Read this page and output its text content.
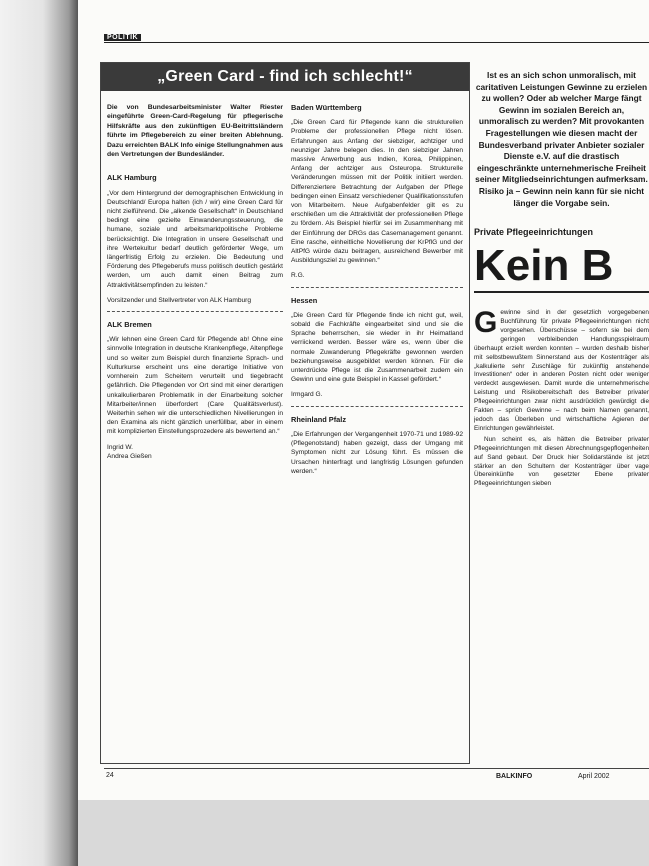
POLITIK
„Green Card - find ich schlecht!“

Die von Bundesarbeitsminister Walter Riester eingeführte Green-Card-Regelung für pflegerische Hilfskräfte aus den zukünftigen EU-Beitrittsländern führte im Pflegebereich zu einer breiten Ablehnung. Dazu erreichten BALK Info einige Stellungnahmen aus den Vertretungen der Bundesländer.

ALK Hamburg

„Vor dem Hintergrund der demographischen Entwicklung in Deutschland/ Europa halten (ich / wir) eine Green Card für nicht zielführend. Die „alkende Gesellschaft“ in Deutschland bedingt eine gezielte Einwanderungssteuerung, die humane, soziale und arbeitsmarktpolitische Probleme berücksichtigt. Die Integration in unsere Gesellschaft und ihre Wertekultur bedarf deutlich geförderter Wege, um längerfristig Erfolg zu erzielen. Die Bedeutung und Förderung des Pflegeberufs muss politisch deutlich gestärkt werden, um auch damit einen Beitrag zum Attraktivitätsempfinden zu leisten.“

Vorsitzender und Stellvertreter von ALK Hamburg

ALK Bremen

„Wir lehnen eine Green Card für Pflegende ab! Ohne eine sinnvolle Integration in deutsche Krankenpflege, Altenpflege und so weiter zum Beispiel durch finanzierte Sprach- und Kulturkurse erscheint uns eine derartige Initiative von vornherein zum Scheitern verurteilt und tiegebracht gefährlich. Die Pflegenden vor Ort sind mit einer derartigen unkalkulierbaren Problematik in der Einarbeitung solcher Mitarbeiter/innen überfordert (Care Qualitätsverlust). Weiterhin sehen wir die unterschiedlichen Nivellierungen in den Examina als nicht gänzlich unerfüllbar, aber in einem mit komplizierten Einstellungsprozedere als bewertend an.“

Ingrid W.

Andrea Gießen

Baden Württemberg

„Die Green Card für Pflegende kann die strukturellen Probleme der professionellen Pflege nicht lösen. Erfahrungen aus Anfang der siebziger, achtziger und neunziger Jahre belegen dies. In den siebziger Jahren massive Anwerbung aus Indien, Korea, Philippinen, Anfang der achtziger aus Osteuropa. Strukturelle Veränderungen müssen mit der Politik initiiert werden. Differenziertere Betrachtung der Aufgaben der Pflege bedingen einen Einsatz verschiedener Qualifikationsstufen von Mitarbeitern. Neue Aufgabenfelder gilt es zu erschließen um die Attraktivität der professionellen Pflege zu fördern. Als Beispiel hierfür sei im Zusammenhang mit der Einführung der DRGs das Casemanagement genannt. Eine rasche, einheitliche Novellierung der KrPflG und der AltPfG würde dazu beitragen, ausreichend Bewerber mit Ausbildungsziel zu gewinnen.“

R.G.

Hessen

„Die Green Card für Pflegende finde ich nicht gut, weil, sobald die Fachkräfte eingearbeitet sind und sie die Sprache beherrschen, sie wieder in ihr Heimatland verriickend werden. Besser wäre es, wenn über die normale Zuwanderung Pflegekräfte gewonnen werden beziehungsweise ausgebildet werden können. Für die unterdrückte Pflege ist die Zusammenarbeit zudem ein Gewinn und eine gute Beispiel in Kassel gefördert.“

Irmgard G.

Rheinland Pfalz

„Die Erfahrungen der Vergangenheit 1970-71 und 1989-92 (Pflegenotstand) haben gezeigt, dass der Umgang mit Symptomen nicht zur Lösung führt. Es müssen die Ursachen hinterfragt und langfristig Lösungen gefunden werden.“

Ist es an sich schon unmoralisch, mit caritativen Leistungen Gewinne zu erzielen zu wollen? Oder ab welcher Marge fängt Gewinn im sozialen Bereich an, unmoralisch zu werden? Mit provokanten Fragestellungen wie diesen macht der Bundesverband privater Anbieter sozialer Dienste e.V. auf die drastisch eingeschränkte unternehmerische Freiheit seiner Mitgliedseinrichtungen aufmerksam. Risiko ja – Gewinn nein kann für sie nicht länger die Vorgabe sein.

Private Pflegeeinrichtungen
Kein B
G ewinne sind in der gesetzlich vorgegebenen Buchführung für private Pflegeeinrichtungen nicht vorgesehen. Überschüsse – sofern sie bei dem geringen verbleibenden Handlungsspielraum überhaupt erzielt werden konnten – wurden deshalb bisher mit selbstbewußtem Sinnerstand aus der Kostenträger als „kalkulierte sehr Zuschläge für zukünftig anstehende Investitionen“ oder in anderen Posten nicht oder weniger verdeckt ausgewiesen. Damit wurde die unternehmerische Leistung und Risikobereitschaft des Betreiber privater Pflegeeinrichtungen zwar nicht ausdrücklich gewürdigt die Fakten – sprich Gewinne – nach beim Namen genannt, jedoch das Überleben und wirtschaftliche Agieren der Einrichtungen gewährleistet.

Nun scheint es, als hätten die Betreiber privater Pflegeeinrichtungen mit diesen Abrechnungsgepflogenheiten auf Sand gebaut. Der Druck hier Solidarstände ist jetzt stärker an den Schultern der Kostenträger über vage Übereinkünfte von gesetzter Ebene privater Pflegeeinrichtungen sieben

24	BALKINFO	April 2002
